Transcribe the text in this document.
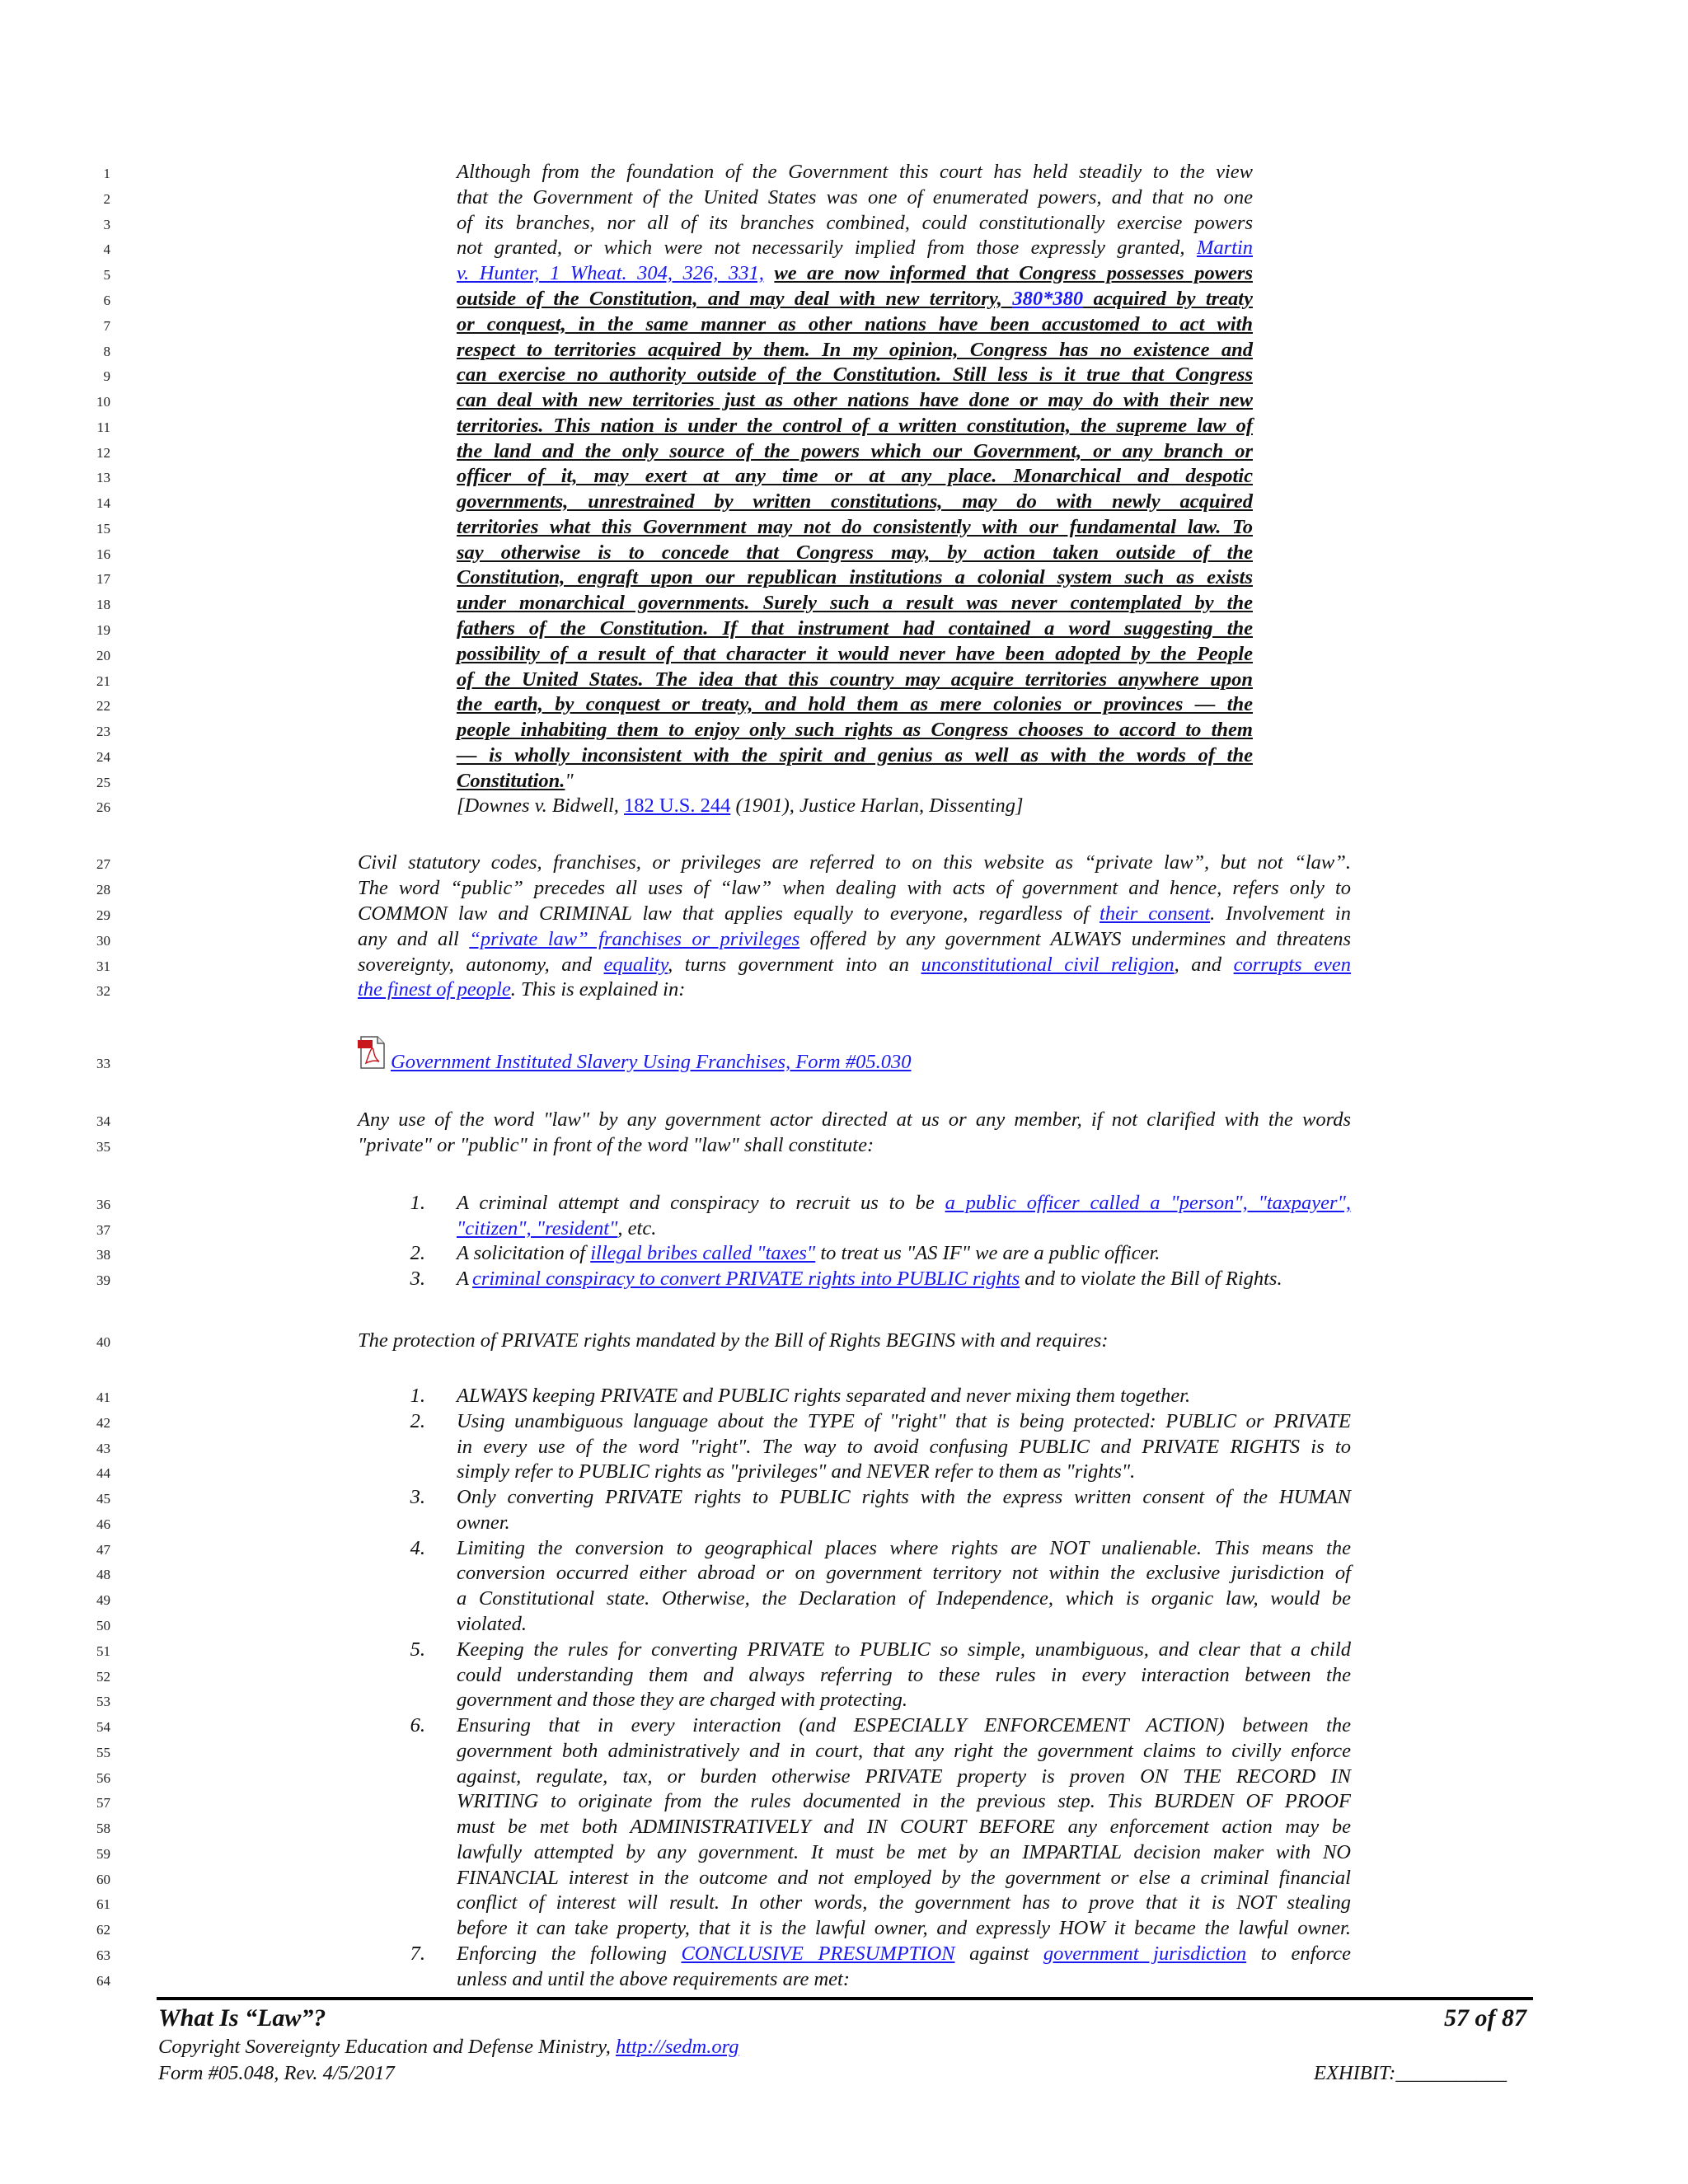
1
2
3
4
5
6
7
8
9
10
11
12
13
14
15
16
17
18
19
20
21
22
23
24
25
26
27
28
29
30
31
32
33
34
35
36
37
38
39
40
41
42
43
44
45
46
47
48
49
50
51
52
53
54
55
56
57
58
59
60
61
62
63
64
Although from the foundation of the Government this court has held steadily to the view
that the Government of the United States was one of enumerated powers, and that no one
of its branches, nor all of its branches combined, could constitutionally exercise powers
not granted, or which were not necessarily implied from those expressly granted, Martin
v. Hunter, 1 Wheat. 304, 326, 331, we are now informed that Congress possesses powers
outside of the Constitution, and may deal with new territory, 380*380 acquired by treaty
or conquest, in the same manner as other nations have been accustomed to act with
respect to territories acquired by them. In my opinion, Congress has no existence and
can exercise no authority outside of the Constitution. Still less is it true that Congress
can deal with new territories just as other nations have done or may do with their new
territories. This nation is under the control of a written constitution, the supreme law of
the land and the only source of the powers which our Government, or any branch or
officer of it, may exert at any time or at any place. Monarchical and despotic
governments, unrestrained by written constitutions, may do with newly acquired
territories what this Government may not do consistently with our fundamental law. To
say otherwise is to concede that Congress may, by action taken outside of the
Constitution, engraft upon our republican institutions a colonial system such as exists
under monarchical governments. Surely such a result was never contemplated by the
fathers of the Constitution. If that instrument had contained a word suggesting the
possibility of a result of that character it would never have been adopted by the People
of the United States. The idea that this country may acquire territories anywhere upon
the earth, by conquest or treaty, and hold them as mere colonies or provinces — the
people inhabiting them to enjoy only such rights as Congress chooses to accord to them
— is wholly inconsistent with the spirit and genius as well as with the words of the
Constitution."
[Downes v. Bidwell, 182 U.S. 244 (1901), Justice Harlan, Dissenting]
Civil statutory codes, franchises, or privileges are referred to on this website as “private law”, but not “law”.
The word “public” precedes all uses of “law” when dealing with acts of government and hence, refers only to
COMMON law and CRIMINAL law that applies equally to everyone, regardless of their consent. Involvement in
any and all “private law” franchises or privileges offered by any government ALWAYS undermines and threatens
sovereignty, autonomy, and equality, turns government into an unconstitutional civil religion, and corrupts even
the finest of people. This is explained in:
Government Instituted Slavery Using Franchises, Form #05.030
Any use of the word "law" by any government actor directed at us or any member, if not clarified with the words
"private" or "public" in front of the word "law" shall constitute:
1. A criminal attempt and conspiracy to recruit us to be a public officer called a "person", "taxpayer",
"citizen", "resident", etc.
2. A solicitation of illegal bribes called "taxes" to treat us "AS IF" we are a public officer.
3. A criminal conspiracy to convert PRIVATE rights into PUBLIC rights and to violate the Bill of Rights.
The protection of PRIVATE rights mandated by the Bill of Rights BEGINS with and requires:
1. ALWAYS keeping PRIVATE and PUBLIC rights separated and never mixing them together.
2. Using unambiguous language about the TYPE of "right" that is being protected: PUBLIC or PRIVATE
in every use of the word "right". The way to avoid confusing PUBLIC and PRIVATE RIGHTS is to
simply refer to PUBLIC rights as "privileges" and NEVER refer to them as "rights".
3. Only converting PRIVATE rights to PUBLIC rights with the express written consent of the HUMAN
owner.
4. Limiting the conversion to geographical places where rights are NOT unalienable. This means the
conversion occurred either abroad or on government territory not within the exclusive jurisdiction of
a Constitutional state. Otherwise, the Declaration of Independence, which is organic law, would be
violated.
5. Keeping the rules for converting PRIVATE to PUBLIC so simple, unambiguous, and clear that a child
could understanding them and always referring to these rules in every interaction between the
government and those they are charged with protecting.
6. Ensuring that in every interaction (and ESPECIALLY ENFORCEMENT ACTION) between the
government both administratively and in court, that any right the government claims to civilly enforce
against, regulate, tax, or burden otherwise PRIVATE property is proven ON THE RECORD IN
WRITING to originate from the rules documented in the previous step. This BURDEN OF PROOF
must be met both ADMINISTRATIVELY and IN COURT BEFORE any enforcement action may be
lawfully attempted by any government. It must be met by an IMPARTIAL decision maker with NO
FINANCIAL interest in the outcome and not employed by the government or else a criminal financial
conflict of interest will result. In other words, the government has to prove that it is NOT stealing
before it can take property, that it is the lawful owner, and expressly HOW it became the lawful owner.
7. Enforcing the following CONCLUSIVE PRESUMPTION against government jurisdiction to enforce
unless and until the above requirements are met:
What Is “Law”?	57 of 87
Copyright Sovereignty Education and Defense Ministry, http://sedm.org
Form #05.048, Rev. 4/5/2017	EXHIBIT:___________
